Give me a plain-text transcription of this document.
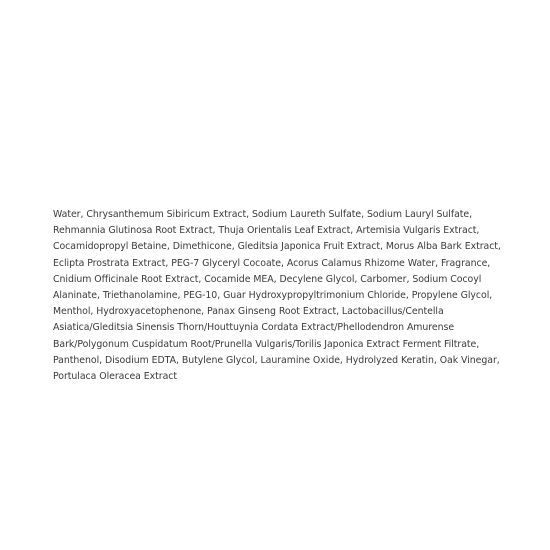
Water, Chrysanthemum Sibiricum Extract, Sodium Laureth Sulfate, Sodium Lauryl Sulfate, Rehmannia Glutinosa Root Extract, Thuja Orientalis Leaf Extract, Artemisia Vulgaris Extract, Cocamidopropyl Betaine, Dimethicone, Gleditsia Japonica Fruit Extract, Morus Alba Bark Extract, Eclipta Prostrata Extract, PEG-7 Glyceryl Cocoate, Acorus Calamus Rhizome Water, Fragrance, Cnidium Officinale Root Extract, Cocamide MEA, Decylene Glycol, Carbomer, Sodium Cocoyl Alaninate, Triethanolamine, PEG-10, Guar Hydroxypropyltrimonium Chloride, Propylene Glycol, Menthol, Hydroxyacetophenone, Panax Ginseng Root Extract, Lactobacillus/Centella Asiatica/Gleditsia Sinensis Thorn/Houttuynia Cordata Extract/Phellodendron Amurense Bark/Polygonum Cuspidatum Root/Prunella Vulgaris/Torilis Japonica Extract Ferment Filtrate, Panthenol, Disodium EDTA, Butylene Glycol, Lauramine Oxide, Hydrolyzed Keratin, Oak Vinegar, Portulaca Oleracea Extract
